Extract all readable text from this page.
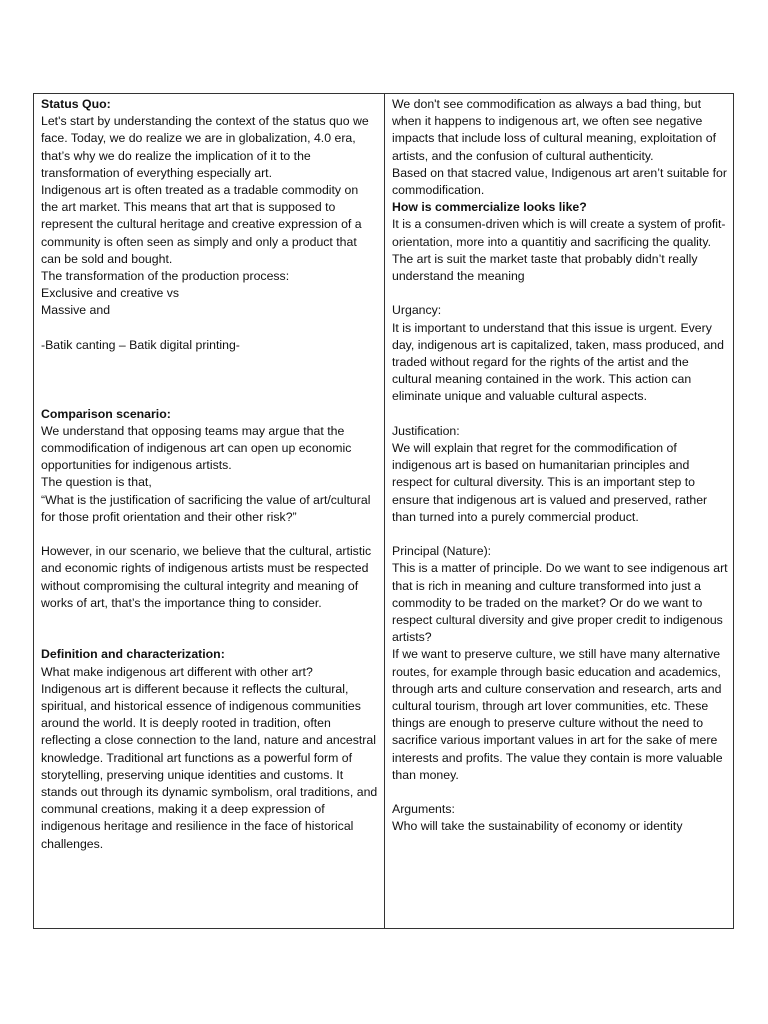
Status Quo:
Let's start by understanding the context of the status quo we face. Today, we do realize we are in globalization, 4.0 era, that’s why we do realize the implication of it to the transformation of everything especially art.
Indigenous art is often treated as a tradable commodity on the art market. This means that art that is supposed to represent the cultural heritage and creative expression of a community is often seen as simply and only a product that can be sold and bought.
The transformation of the production process:
Exclusive and creative vs
Massive and
-Batik canting – Batik digital printing-
Comparison scenario:
We understand that opposing teams may argue that the commodification of indigenous art can open up economic opportunities for indigenous artists.
The question is that,
“What is the justification of sacrificing the value of art/cultural for those profit orientation and their other risk?”
However, in our scenario, we believe that the cultural, artistic and economic rights of indigenous artists must be respected without compromising the cultural integrity and meaning of works of art, that’s the importance thing to consider.
Definition and characterization:
What make indigenous art different with other art?
Indigenous art is different because it reflects the cultural, spiritual, and historical essence of indigenous communities around the world. It is deeply rooted in tradition, often reflecting a close connection to the land, nature and ancestral knowledge. Traditional art functions as a powerful form of storytelling, preserving unique identities and customs. It stands out through its dynamic symbolism, oral traditions, and communal creations, making it a deep expression of indigenous heritage and resilience in the face of historical challenges.
We don't see commodification as always a bad thing, but when it happens to indigenous art, we often see negative impacts that include loss of cultural meaning, exploitation of artists, and the confusion of cultural authenticity.
Based on that stacred value, Indigenous art aren’t suitable for commodification.
How is commercialize looks like?
It is a consumen-driven which is will create a system of profit-orientation, more into a quantitiy and sacrificing the quality. The art is suit the market taste that probably didn’t really understand the meaning
Urgancy:
It is important to understand that this issue is urgent. Every day, indigenous art is capitalized, taken, mass produced, and traded without regard for the rights of the artist and the cultural meaning contained in the work. This action can eliminate unique and valuable cultural aspects.
Justification:
We will explain that regret for the commodification of indigenous art is based on humanitarian principles and respect for cultural diversity. This is an important step to ensure that indigenous art is valued and preserved, rather than turned into a purely commercial product.
Principal (Nature):
This is a matter of principle. Do we want to see indigenous art that is rich in meaning and culture transformed into just a commodity to be traded on the market? Or do we want to respect cultural diversity and give proper credit to indigenous artists?
If we want to preserve culture, we still have many alternative routes, for example through basic education and academics, through arts and culture conservation and research, arts and cultural tourism, through art lover communities, etc. These things are enough to preserve culture without the need to sacrifice various important values in art for the sake of mere interests and profits. The value they contain is more valuable than money.
Arguments:
Who will take the sustainability of economy or identity
